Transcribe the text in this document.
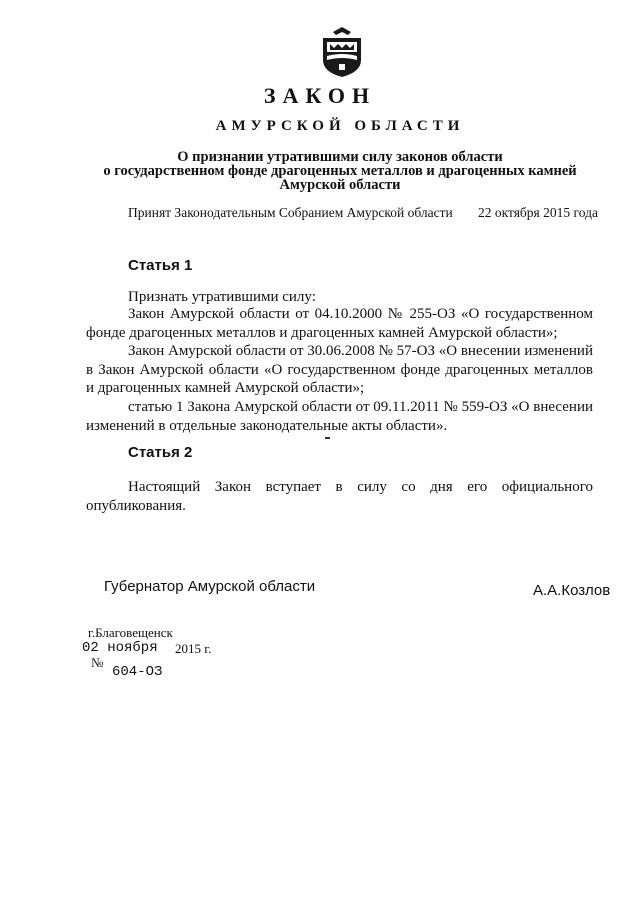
ЗАКОН
АМУРСКОЙ ОБЛАСТИ
О признании утратившими силу законов области
о государственном фонде драгоценных металлов и драгоценных камней
Амурской области
Принят Законодательным Собранием Амурской области 22 октября 2015 года
Статья 1
Признать утратившими силу:
Закон Амурской области от 04.10.2000 № 255-ОЗ «О государственном фонде драгоценных металлов и драгоценных камней Амурской области»;
Закон Амурской области от 30.06.2008 № 57-ОЗ «О внесении изменений в Закон Амурской области «О государственном фонде драгоценных металлов и драгоценных камней Амурской области»;
статью 1 Закона Амурской области от 09.11.2011 № 559-ОЗ «О внесении изменений в отдельные законодательные акты области».
Статья 2
Настоящий Закон вступает в силу со дня его официального опубликования.
Губернатор Амурской области	А.А.Козлов
г.Благовещенск
02 ноября 2015 г.
№
604-ОЗ
